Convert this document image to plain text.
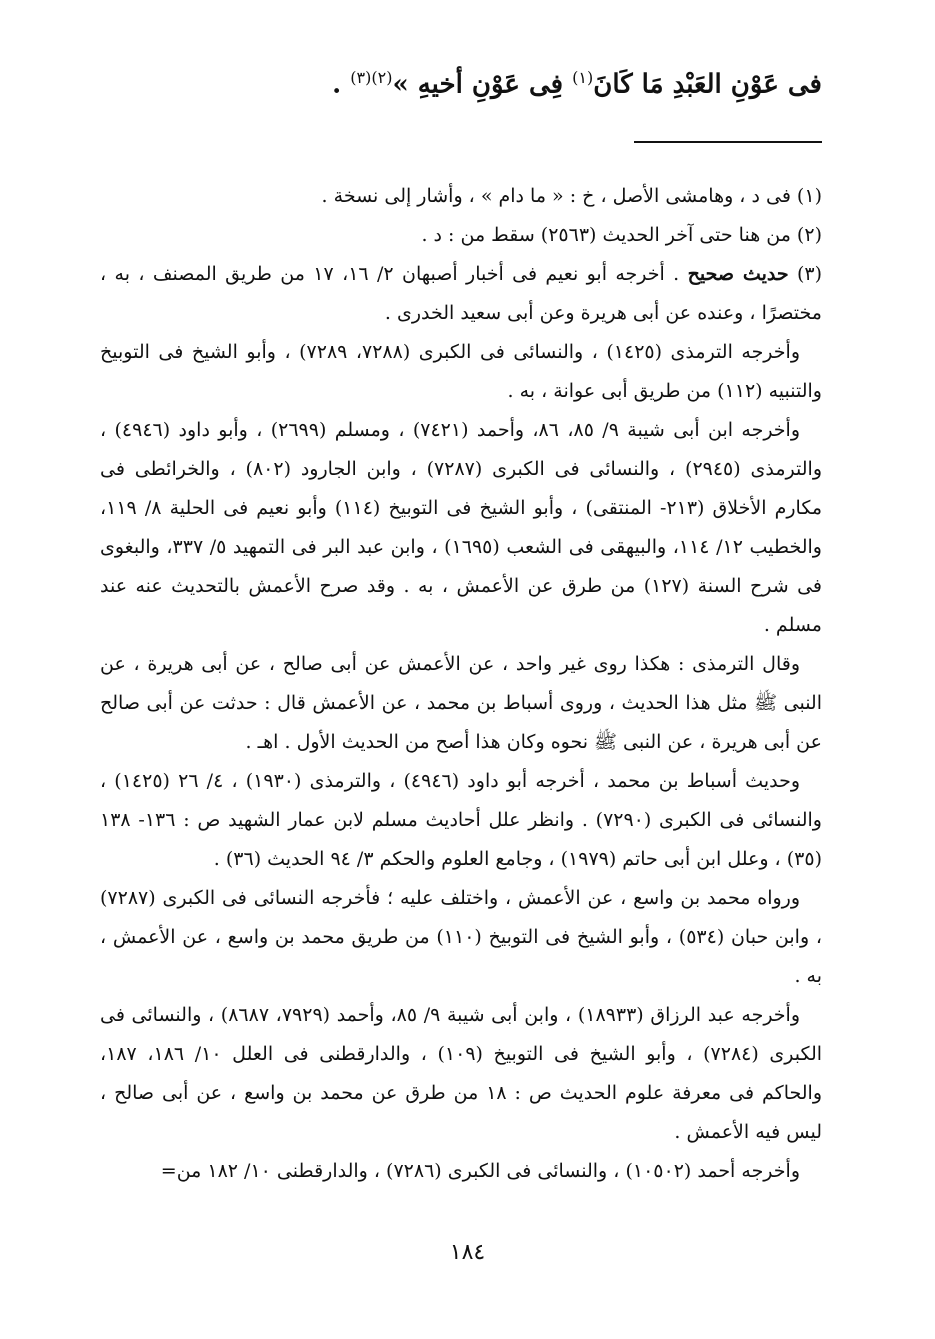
فى عَوْنِ العَبْدِ مَا كَانَ$^{(١)}$ فِى عَوْنِ أخيهِ »$^{(٢)(٣)}$ .

(١) فى د ، وهامشى الأصل ، خ : « ما دام » ، وأشار إلى نسخة .

(٢) من هنا حتى آخر الحديث (٢٥٦٣) سقط من : د .

(٣) حديث صحيح . أخرجه أبو نعيم فى أخبار أصبهان ٢/ ١٦، ١٧ من طريق المصنف ، به ، مختصرًا ، وعنده عن أبى هريرة وعن أبى سعيد الخدرى .

وأخرجه الترمذى (١٤٢٥) ، والنسائى فى الكبرى (٧٢٨٨، ٧٢٨٩) ، وأبو الشيخ فى التوبيخ والتنبيه (١١٢) من طريق أبى عوانة ، به .

وأخرجه ابن أبى شيبة ٩/ ٨٥، ٨٦، وأحمد (٧٤٢١) ، ومسلم (٢٦٩٩) ، وأبو داود (٤٩٤٦) ، والترمذى (٢٩٤٥) ، والنسائى فى الكبرى (٧٢٨٧) ، وابن الجارود (٨٠٢) ، والخرائطى فى مكارم الأخلاق (٢١٣- المنتقى) ، وأبو الشيخ فى التوبيخ (١١٤) وأبو نعيم فى الحلية ٨/ ١١٩، والخطيب ١٢/ ١١٤، والبيهقى فى الشعب (١٦٩٥) ، وابن عبد البر فى التمهيد ٥/ ٣٣٧، والبغوى فى شرح السنة (١٢٧) من طرق عن الأعمش ، به . وقد صرح الأعمش بالتحديث عنه عند مسلم .

وقال الترمذى : هكذا روى غير واحد ، عن الأعمش عن أبى صالح ، عن أبى هريرة ، عن النبى ﷺ مثل هذا الحديث ، وروى أسباط بن محمد ، عن الأعمش قال : حدثت عن أبى صالح عن أبى هريرة ، عن النبى ﷺ نحوه وكان هذا أصح من الحديث الأول . اهـ .

وحديث أسباط بن محمد ، أخرجه أبو داود (٤٩٤٦) ، والترمذى (١٩٣٠) ، ٤/ ٢٦ (١٤٢٥) ، والنسائى فى الكبرى (٧٢٩٠) . وانظر علل أحاديث مسلم لابن عمار الشهيد ص : ١٣٦- ١٣٨ (٣٥) ، وعلل ابن أبى حاتم (١٩٧٩) ، وجامع العلوم والحكم ٣/ ٩٤ الحديث (٣٦) .

ورواه محمد بن واسع ، عن الأعمش ، واختلف عليه ؛ فأخرجه النسائى فى الكبرى (٧٢٨٧) ، وابن حبان (٥٣٤) ، وأبو الشيخ فى التوبيخ (١١٠) من طريق محمد بن واسع ، عن الأعمش ، به .

وأخرجه عبد الرزاق (١٨٩٣٣) ، وابن أبى شيبة ٩/ ٨٥، وأحمد (٧٩٢٩، ٨٦٨٧) ، والنسائى فى الكبرى (٧٢٨٤) ، وأبو الشيخ فى التوبيخ (١٠٩) ، والدارقطنى فى العلل ١٠/ ١٨٦، ١٨٧، والحاكم فى معرفة علوم الحديث ص : ١٨ من طرق عن محمد بن واسع ، عن أبى صالح ، ليس فيه الأعمش .

وأخرجه أحمد (١٠٥٠٢) ، والنسائى فى الكبرى (٧٢٨٦) ، والدارقطنى ١٠/ ١٨٢ من=

١٨٤
